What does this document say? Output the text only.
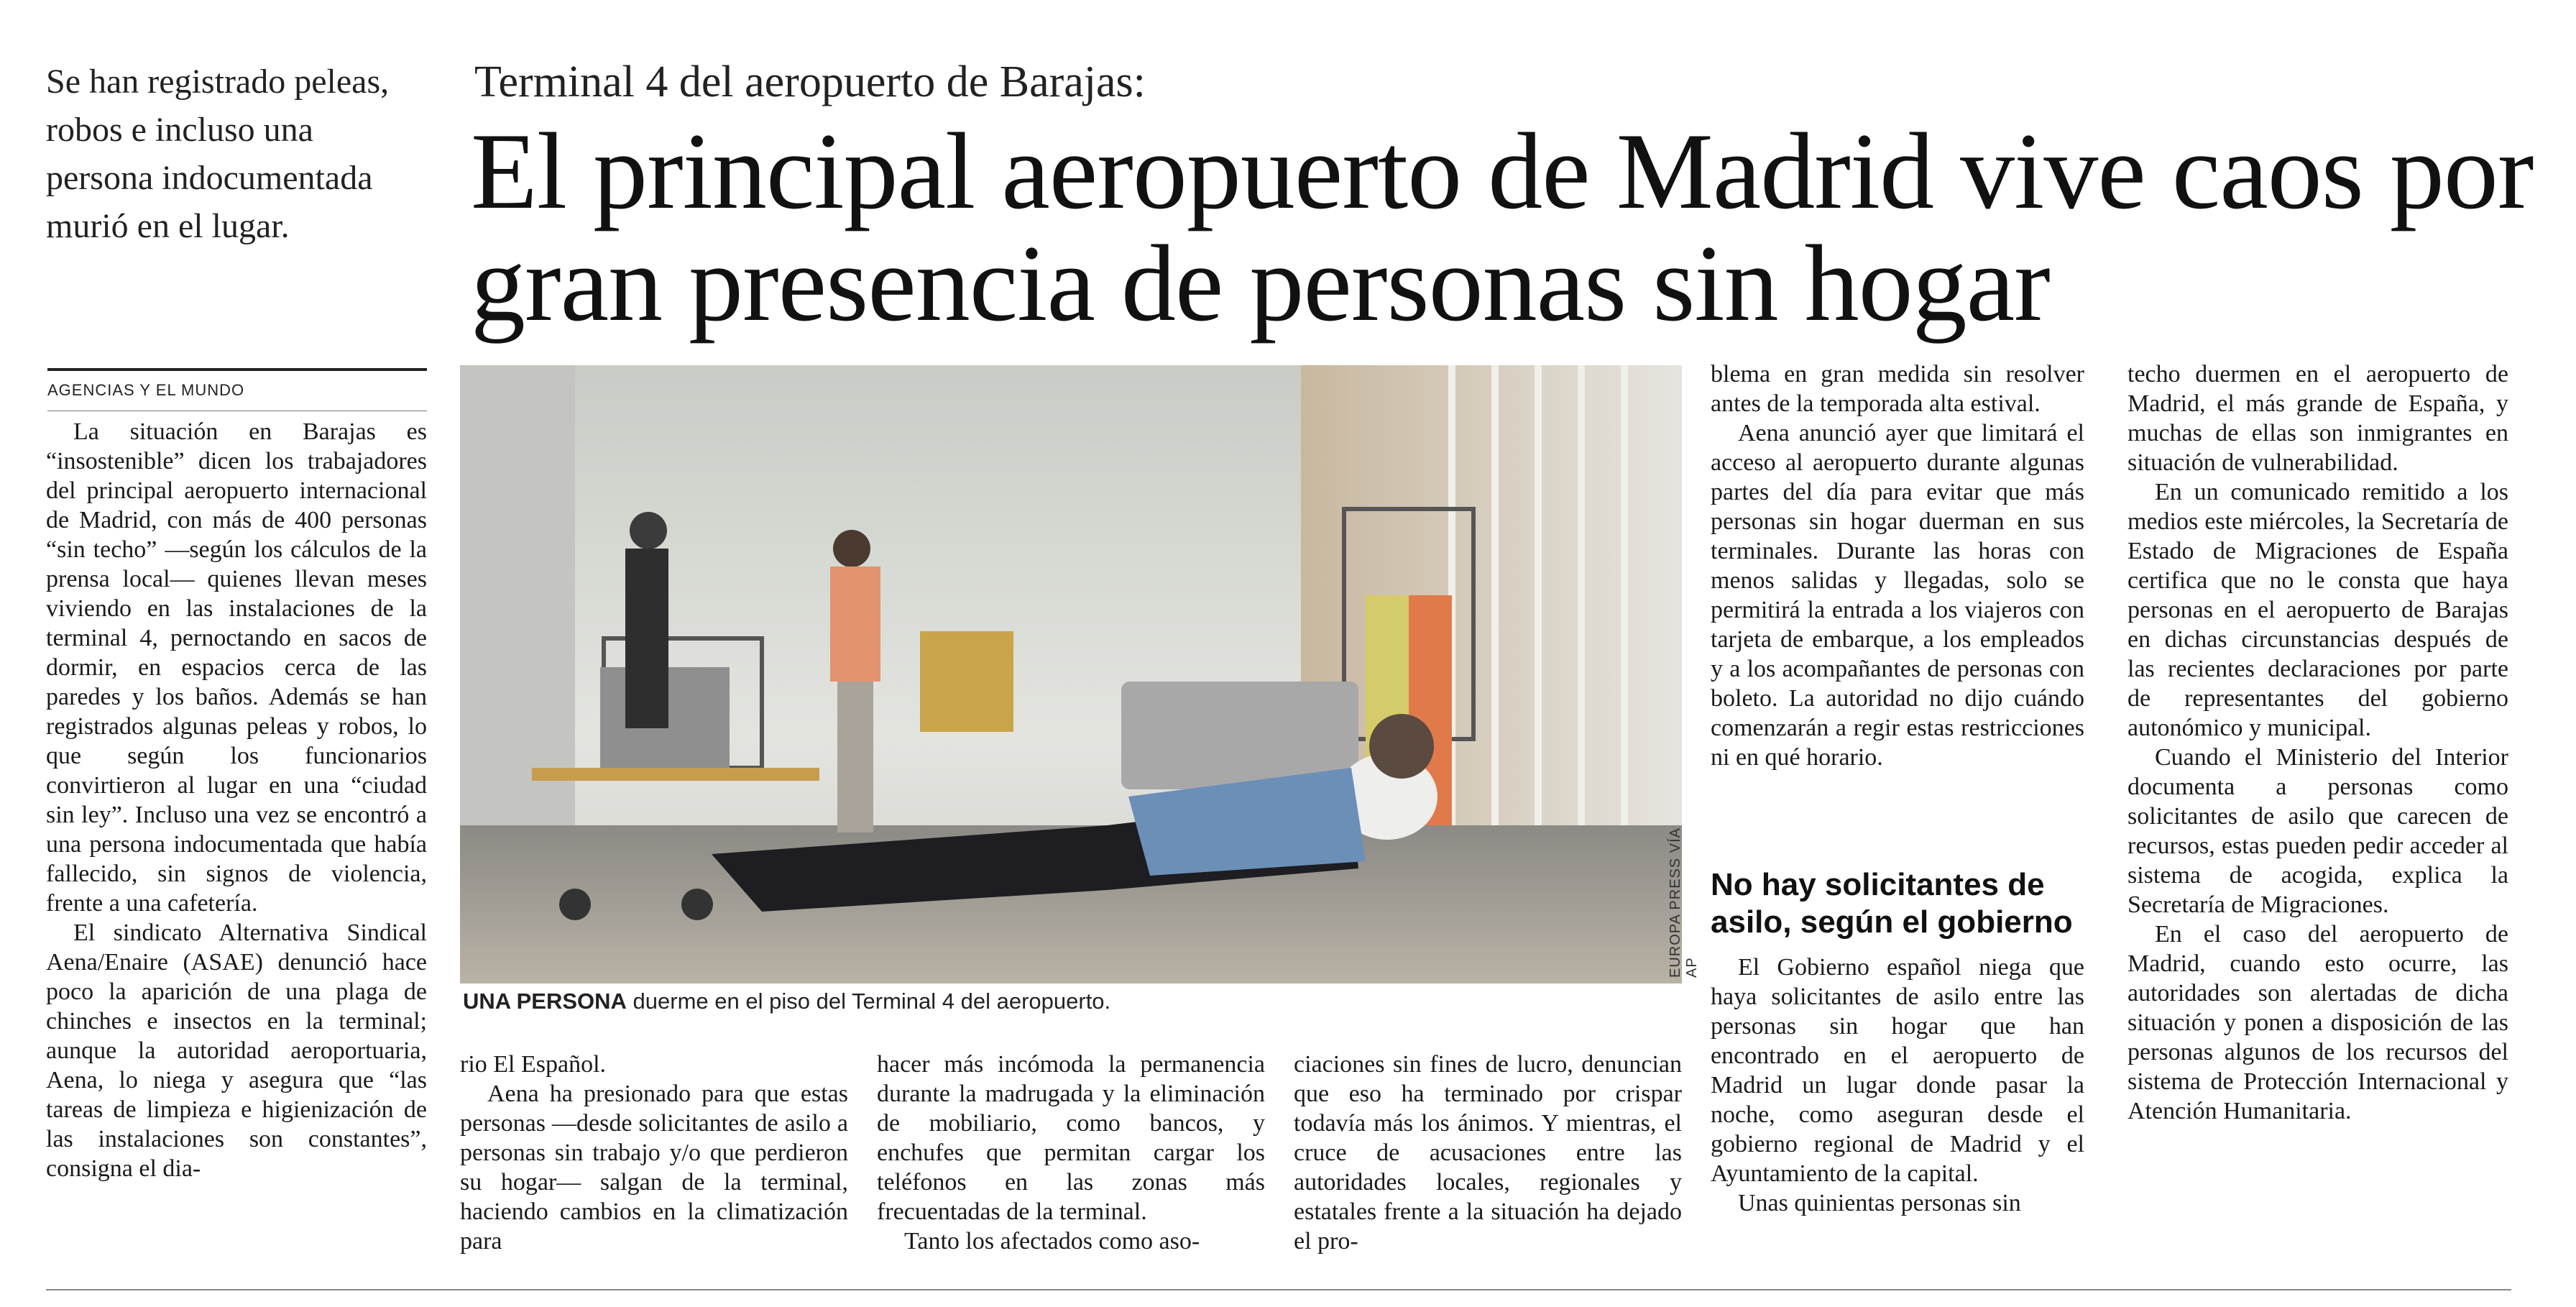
Se han registrado peleas, robos e incluso una persona indocumentada murió en el lugar.
Terminal 4 del aeropuerto de Barajas:
El principal aeropuerto de Madrid vive caos por gran presencia de personas sin hogar
AGENCIAS Y EL MUNDO

La situación en Barajas es “insostenible” dicen los trabajadores del principal aeropuerto internacional de Madrid, con más de 400 personas “sin techo” —según los cálculos de la prensa local— quienes llevan meses viviendo en las instalaciones de la terminal 4, pernoctando en sacos de dormir, en espacios cerca de las paredes y los baños. Además se han registrados algunas peleas y robos, lo que según los funcionarios convirtieron al lugar en una “ciudad sin ley”. Incluso una vez se encontró a una persona indocumentada que había fallecido, sin signos de violencia, frente a una cafetería.

El sindicato Alternativa Sindical Aena/Enaire (ASAE) denunció hace poco la aparición de una plaga de chinches e insectos en la terminal; aunque la autoridad aeroportuaria, Aena, lo niega y asegura que “las tareas de limpieza e higienización de las instalaciones son constantes”, consigna el dia-

EUROPA PRESS VÍA AP
UNA PERSONA duerme en el piso del Terminal 4 del aeropuerto.

rio El Español.

Aena ha presionado para que estas personas —desde solicitantes de asilo a personas sin trabajo y/o que perdieron su hogar— salgan de la terminal, haciendo cambios en la climatización para

hacer más incómoda la permanencia durante la madrugada y la eliminación de mobiliario, como bancos, y enchufes que permitan cargar los teléfonos en las zonas más frecuentadas de la terminal.

Tanto los afectados como aso-

ciaciones sin fines de lucro, denuncian que eso ha terminado por crispar todavía más los ánimos. Y mientras, el cruce de acusaciones entre las autoridades locales, regionales y estatales frente a la situación ha dejado el pro-

blema en gran medida sin resolver antes de la temporada alta estival.

Aena anunció ayer que limitará el acceso al aeropuerto durante algunas partes del día para evitar que más personas sin hogar duerman en sus terminales. Durante las horas con menos salidas y llegadas, solo se permitirá la entrada a los viajeros con tarjeta de embarque, a los empleados y a los acompañantes de personas con boleto. La autoridad no dijo cuándo comenzarán a regir estas restricciones ni en qué horario.

No hay solicitantes de asilo, según el gobierno

El Gobierno español niega que haya solicitantes de asilo entre las personas sin hogar que han encontrado en el aeropuerto de Madrid un lugar donde pasar la noche, como aseguran desde el gobierno regional de Madrid y el Ayuntamiento de la capital.

Unas quinientas personas sin

techo duermen en el aeropuerto de Madrid, el más grande de España, y muchas de ellas son inmigrantes en situación de vulnerabilidad.

En un comunicado remitido a los medios este miércoles, la Secretaría de Estado de Migraciones de España certifica que no le consta que haya personas en el aeropuerto de Barajas en dichas circunstancias después de las recientes declaraciones por parte de representantes del gobierno autonómico y municipal.

Cuando el Ministerio del Interior documenta a personas como solicitantes de asilo que carecen de recursos, estas pueden pedir acceder al sistema de acogida, explica la Secretaría de Migraciones.

En el caso del aeropuerto de Madrid, cuando esto ocurre, las autoridades son alertadas de dicha situación y ponen a disposición de las personas algunos de los recursos del sistema de Protección Internacional y Atención Humanitaria.
